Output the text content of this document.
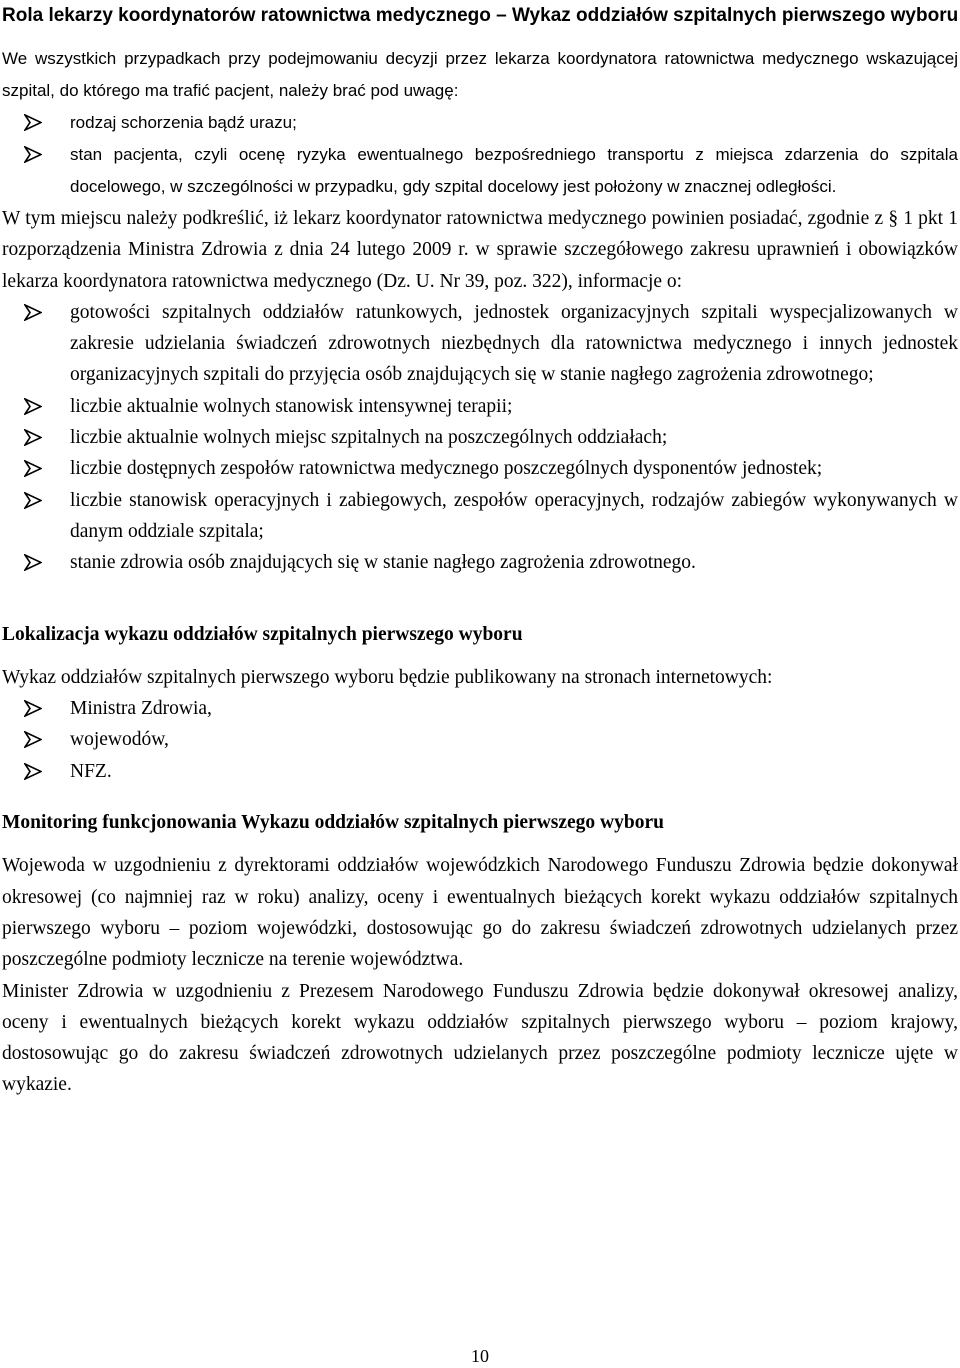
Rola lekarzy koordynatorów ratownictwa medycznego – Wykaz oddziałów szpitalnych pierwszego wyboru

We wszystkich przypadkach przy podejmowaniu decyzji przez lekarza koordynatora ratownictwa medycznego wskazującej szpital, do którego ma trafić pacjent, należy brać pod uwagę:

rodzaj schorzenia bądź urazu;
stan pacjenta, czyli ocenę ryzyka ewentualnego bezpośredniego transportu z miejsca zdarzenia do szpitala docelowego, w szczególności w przypadku, gdy szpital docelowy jest położony w znacznej odległości.

W tym miejscu należy podkreślić, iż lekarz koordynator ratownictwa medycznego powinien posiadać, zgodnie z § 1 pkt 1 rozporządzenia Ministra Zdrowia z dnia 24 lutego 2009 r. w sprawie szczegółowego zakresu uprawnień i obowiązków lekarza koordynatora ratownictwa medycznego (Dz. U. Nr 39, poz. 322), informacje o:

gotowości szpitalnych oddziałów ratunkowych, jednostek organizacyjnych szpitali wyspecjalizowanych w zakresie udzielania świadczeń zdrowotnych niezbędnych dla ratownictwa medycznego i innych jednostek organizacyjnych szpitali do przyjęcia osób znajdujących się w stanie nagłego zagrożenia zdrowotnego;
liczbie aktualnie wolnych stanowisk intensywnej terapii;
liczbie aktualnie wolnych miejsc szpitalnych na poszczególnych oddziałach;
liczbie dostępnych zespołów ratownictwa medycznego poszczególnych dysponentów jednostek;
liczbie stanowisk operacyjnych i zabiegowych, zespołów operacyjnych, rodzajów zabiegów wykonywanych w danym oddziale szpitala;
stanie zdrowia osób znajdujących się w stanie nagłego zagrożenia zdrowotnego.
Lokalizacja wykazu oddziałów szpitalnych pierwszego wyboru

Wykaz oddziałów szpitalnych pierwszego wyboru będzie publikowany na stronach internetowych:

Ministra Zdrowia,
wojewodów,
NFZ.
Monitoring funkcjonowania Wykazu oddziałów szpitalnych pierwszego wyboru

Wojewoda w uzgodnieniu z dyrektorami oddziałów wojewódzkich Narodowego Funduszu Zdrowia będzie dokonywał okresowej (co najmniej raz w roku) analizy, oceny i ewentualnych bieżących korekt wykazu oddziałów szpitalnych pierwszego wyboru – poziom wojewódzki, dostosowując go do zakresu świadczeń zdrowotnych udzielanych przez poszczególne podmioty lecznicze na terenie województwa.

Minister Zdrowia w uzgodnieniu z Prezesem Narodowego Funduszu Zdrowia będzie dokonywał okresowej analizy, oceny i ewentualnych bieżących korekt wykazu oddziałów szpitalnych pierwszego wyboru – poziom krajowy, dostosowując go do zakresu świadczeń zdrowotnych udzielanych przez poszczególne podmioty lecznicze ujęte w wykazie.

10
